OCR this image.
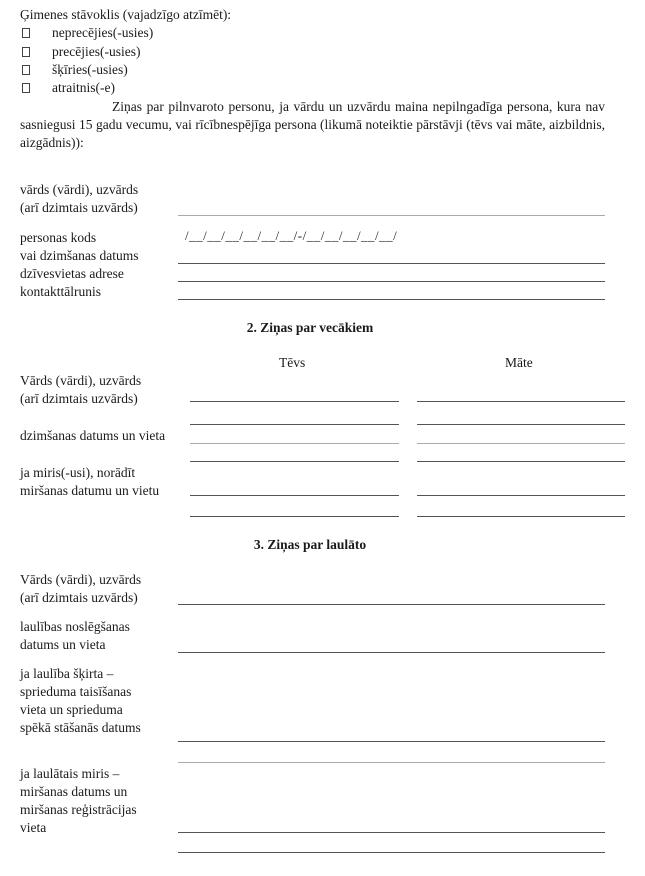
Ģimenes stāvoklis (vajadzīgo atzīmēt):
neprecējies(-usies)
precējies(-usies)
šķīries(-usies)
atraitnis(-e)
Ziņas par pilnvaroto personu, ja vārdu un uzvārdu maina nepilngadīga persona, kura nav sasniegusi 15 gadu vecumu, vai rīcībnespējīga persona (likumā noteiktie pārstāvji (tēvs vai māte, aizbildnis, aizgādnis)):
vārds (vārdi), uzvārds
(arī dzimtais uzvārds)
personas kods	/__/__/__/__/__/__/-/__/__/__/__/__/
vai dzimšanas datums
dzīvesvietas adrese
kontakttālrunis
2. Ziņas par vecākiem
Tēvs	Māte
Vārds (vārdi), uzvārds
(arī dzimtais uzvārds)
dzimšanas datums un vieta
ja miris(-usi), norādīt
miršanas datumu un vietu
3. Ziņas par laulāto
Vārds (vārdi), uzvārds
(arī dzimtais uzvārds)
laulības noslēgšanas
datums un vieta
ja laulība šķirta –
sprieduma taisīšanas
vieta un sprieduma
spēkā stāšanās datums
ja laulātais miris –
miršanas datums un
miršanas reģistrācijas
vieta
